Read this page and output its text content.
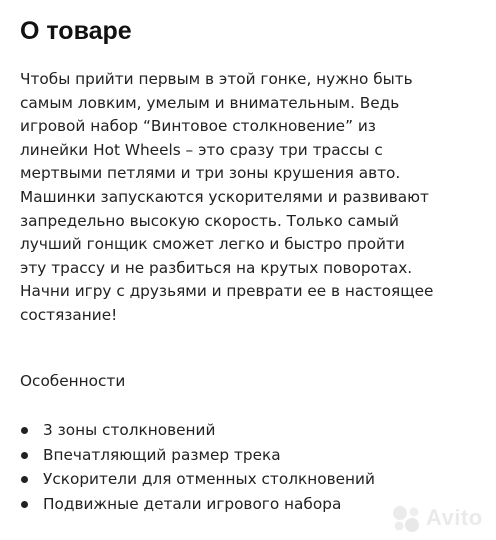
О товаре

Чтобы прийти первым в этой гонке, нужно быть
самым ловким, умелым и внимательным. Ведь
игровой набор “Винтовое столкновение” из
линейки Hot Wheels – это сразу три трассы с
мертвыми петлями и три зоны крушения авто.
Машинки запускаются ускорителями и развивают
запредельно высокую скорость. Только самый
лучший гонщик сможет легко и быстро пройти
эту трассу и не разбиться на крутых поворотах.
Начни игру с друзьями и преврати ее в настоящее
состязание!

Особенности
3 зоны столкновений
Впечатляющий размер трека
Ускорители для отменных столкновений
Подвижные детали игрового набора
Avito
